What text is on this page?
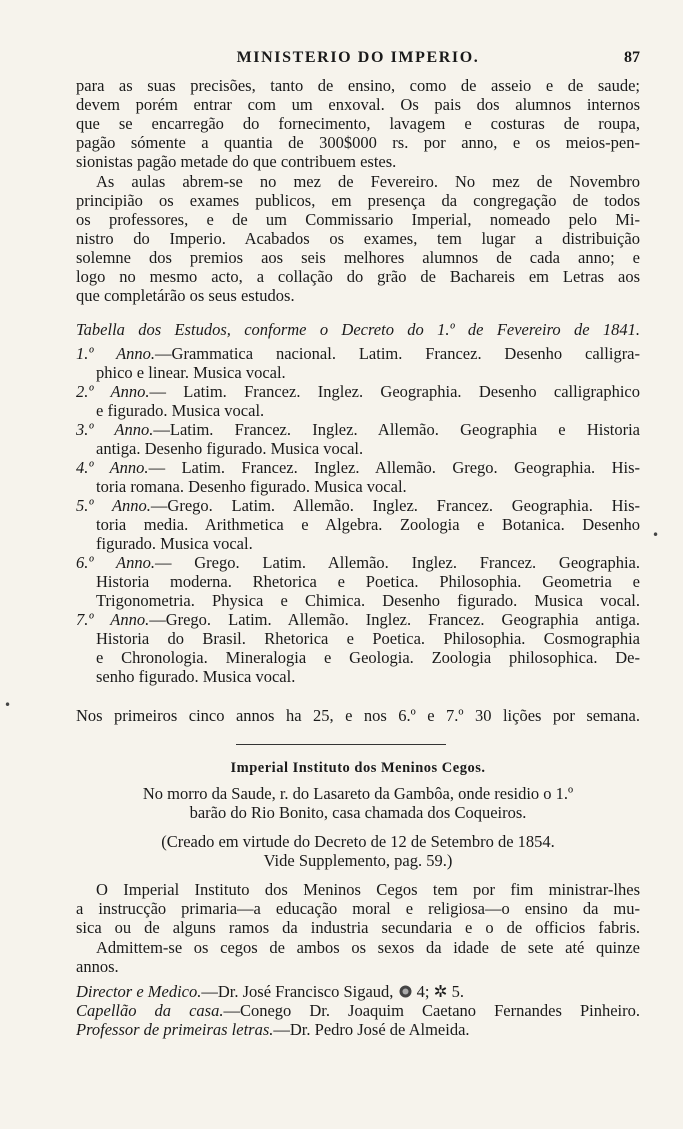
MINISTERIO DO IMPERIO.	87
para as suas precisões, tanto de ensino, como de asseio e de saude;
devem porém entrar com um enxoval. Os pais dos alumnos internos
que se encarregão do fornecimento, lavagem e costuras de roupa,
pagão sómente a quantia de 300$000 rs. por anno, e os meios-pen-
sionistas pagão metade do que contribuem estes.
As aulas abrem-se no mez de Fevereiro. No mez de Novembro
principião os exames publicos, em presença da congregação de todos
os professores, e de um Commissario Imperial, nomeado pelo Mi-
nistro do Imperio. Acabados os exames, tem lugar a distribuição
solemne dos premios aos seis melhores alumnos de cada anno; e
logo no mesmo acto, a collação do grão de Bachareis em Letras aos
que completárão os seus estudos.
Tabella dos Estudos, conforme o Decreto do 1.º de Fevereiro de 1841.
1.º Anno.—Grammatica nacional. Latim. Francez. Desenho calligra-
phico e linear. Musica vocal.
2.º Anno.— Latim. Francez. Inglez. Geographia. Desenho calligraphico
e figurado. Musica vocal.
3.º Anno.—Latim. Francez. Inglez. Allemão. Geographia e Historia
antiga. Desenho figurado. Musica vocal.
4.º Anno.— Latim. Francez. Inglez. Allemão. Grego. Geographia. His-
toria romana. Desenho figurado. Musica vocal.
5.º Anno.—Grego. Latim. Allemão. Inglez. Francez. Geographia. His-
toria media. Arithmetica e Algebra. Zoologia e Botanica. Desenho
figurado. Musica vocal.
6.º Anno.— Grego. Latim. Allemão. Inglez. Francez. Geographia.
Historia moderna. Rhetorica e Poetica. Philosophia. Geometria e
Trigonometria. Physica e Chimica. Desenho figurado. Musica vocal.
7.º Anno.—Grego. Latim. Allemão. Inglez. Francez. Geographia antiga.
Historia do Brasil. Rhetorica e Poetica. Philosophia. Cosmographia
e Chronologia. Mineralogia e Geologia. Zoologia philosophica. De-
senho figurado. Musica vocal.
Nos primeiros cinco annos ha 25, e nos 6.º e 7.º 30 lições por semana.
Imperial Instituto dos Meninos Cegos.
No morro da Saude, r. do Lasareto da Gambôa, onde residio o 1.º
barão do Rio Bonito, casa chamada dos Coqueiros.
(Creado em virtude do Decreto de 12 de Setembro de 1854.
Vide Supplemento, pag. 59.)
O Imperial Instituto dos Meninos Cegos tem por fim ministrar-lhes
a instrucção primaria—a educação moral e religiosa—o ensino da mu-
sica ou de alguns ramos da industria secundaria e o de officios fabris.
Admittem-se os cegos de ambos os sexos da idade de sete até quinze
annos.
Director e Medico.—Dr. José Francisco Sigaud, 4; ✲ 5.
Capellão da casa.—Conego Dr. Joaquim Caetano Fernandes Pinheiro.
Professor de primeiras letras.—Dr. Pedro José de Almeida.
•
•
